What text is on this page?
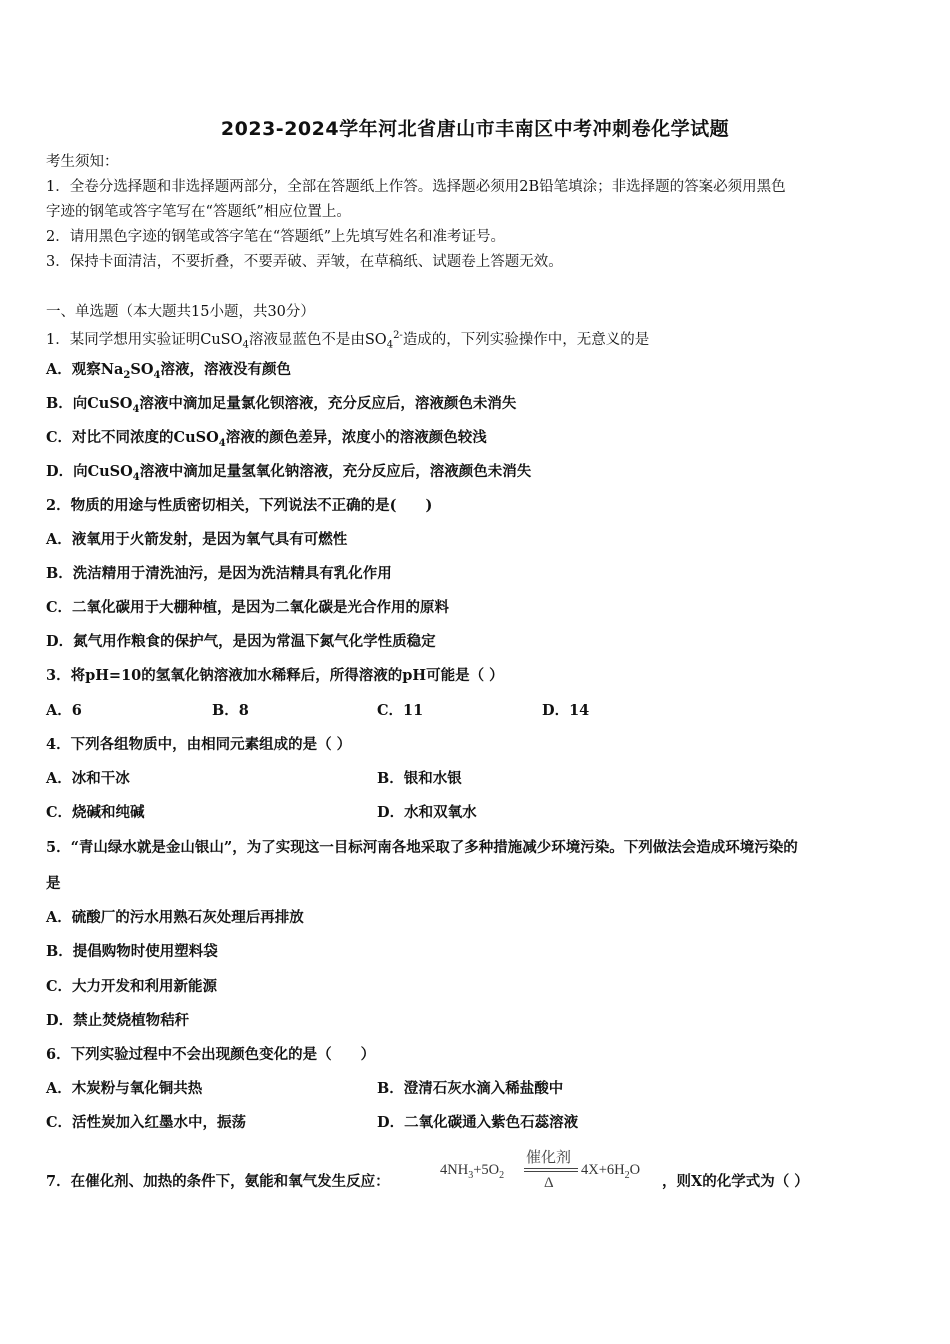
2023-2024学年河北省唐山市丰南区中考冲刺卷化学试题
考生须知：
1．全卷分选择题和非选择题两部分，全部在答题纸上作答。选择题必须用2B铅笔填涂；非选择题的答案必须用黑色
字迹的钢笔或答字笔写在“答题纸”相应位置上。
2．请用黑色字迹的钢笔或答字笔在“答题纸”上先填写姓名和准考证号。
3．保持卡面清洁，不要折叠，不要弄破、弄皱，在草稿纸、试题卷上答题无效。
一、单选题（本大题共15小题，共30分）
1．某同学想用实验证明CuSO$_4$溶液显蓝色不是由$SO_4^{2-}$造成的，下列实验操作中，无意义的是
A．观察$Na_2SO_4$溶液，溶液没有颜色
B．向CuSO$_4$溶液中滴加足量氯化钡溶液，充分反应后，溶液颜色未消失
C．对比不同浓度的CuSO$_4$溶液的颜色差异，浓度小的溶液颜色较浅
D．向CuSO$_4$溶液中滴加足量氢氧化钠溶液，充分反应后，溶液颜色未消失
2．物质的用途与性质密切相关，下列说法不正确的是(　　)
A．液氧用于火箭发射，是因为氧气具有可燃性
B．洗洁精用于清洗油污，是因为洗洁精具有乳化作用
C．二氧化碳用于大棚种植，是因为二氧化碳是光合作用的原料
D．氮气用作粮食的保护气，是因为常温下氮气化学性质稳定
3．将pH=10的氢氧化钠溶液加水稀释后，所得溶液的pH可能是（ ）
A．6	B．8	C．11	D．14
4．下列各组物质中，由相同元素组成的是（ ）
A．冰和干冰	B．银和水银
C．烧碱和纯碱	D．水和双氧水
5．“青山绿水就是金山银山”，为了实现这一目标河南各地采取了多种措施减少环境污染。下列做法会造成环境污染的
是
A．硫酸厂的污水用熟石灰处理后再排放
B．提倡购物时使用塑料袋
C．大力开发和利用新能源
D．禁止焚烧植物秸秆
6．下列实验过程中不会出现颜色变化的是（　　）
A．木炭粉与氧化铜共热	B．澄清石灰水滴入稀盐酸中
C．活性炭加入红墨水中，振荡	D．二氧化碳通入紫色石蕊溶液
7．在催化剂、加热的条件下，氨能和氧气发生反应：
$4NH_3+5O_2$
催化剂
Δ
$4X+6H_2O$
，则X的化学式为（ ）
